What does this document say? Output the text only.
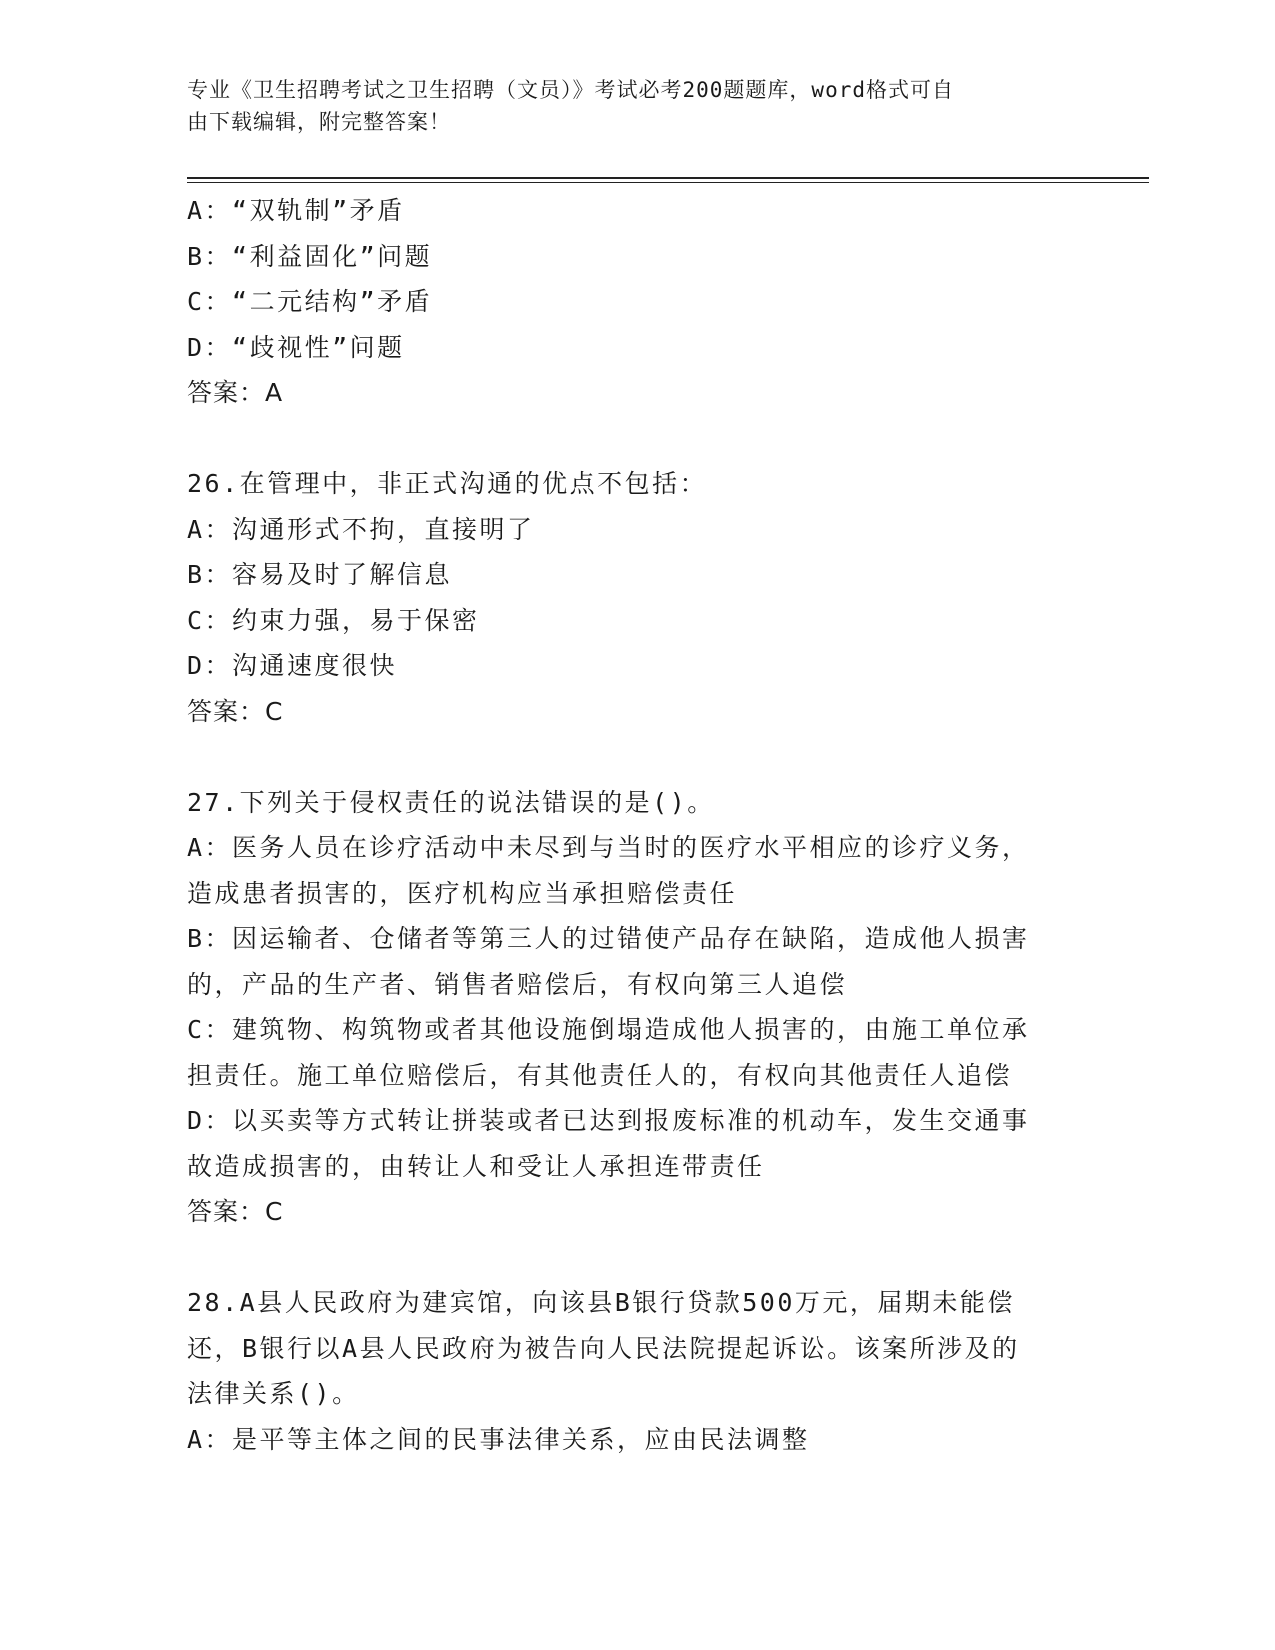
专业《卫生招聘考试之卫生招聘（文员）》考试必考200题题库，word格式可自
由下载编辑，附完整答案！
A：“双轨制”矛盾
B：“利益固化”问题
C：“二元结构”矛盾
D：“歧视性”问题
答案：A
26.在管理中，非正式沟通的优点不包括：
A：沟通形式不拘，直接明了
B：容易及时了解信息
C：约束力强，易于保密
D：沟通速度很快
答案：C
27.下列关于侵权责任的说法错误的是()。
A：医务人员在诊疗活动中未尽到与当时的医疗水平相应的诊疗义务，
造成患者损害的，医疗机构应当承担赔偿责任
B：因运输者、仓储者等第三人的过错使产品存在缺陷，造成他人损害
的，产品的生产者、销售者赔偿后，有权向第三人追偿
C：建筑物、构筑物或者其他设施倒塌造成他人损害的，由施工单位承
担责任。施工单位赔偿后，有其他责任人的，有权向其他责任人追偿
D：以买卖等方式转让拼装或者已达到报废标准的机动车，发生交通事
故造成损害的，由转让人和受让人承担连带责任
答案：C
28.A县人民政府为建宾馆，向该县B银行贷款500万元，届期未能偿
还，B银行以A县人民政府为被告向人民法院提起诉讼。该案所涉及的
法律关系()。
A：是平等主体之间的民事法律关系，应由民法调整
